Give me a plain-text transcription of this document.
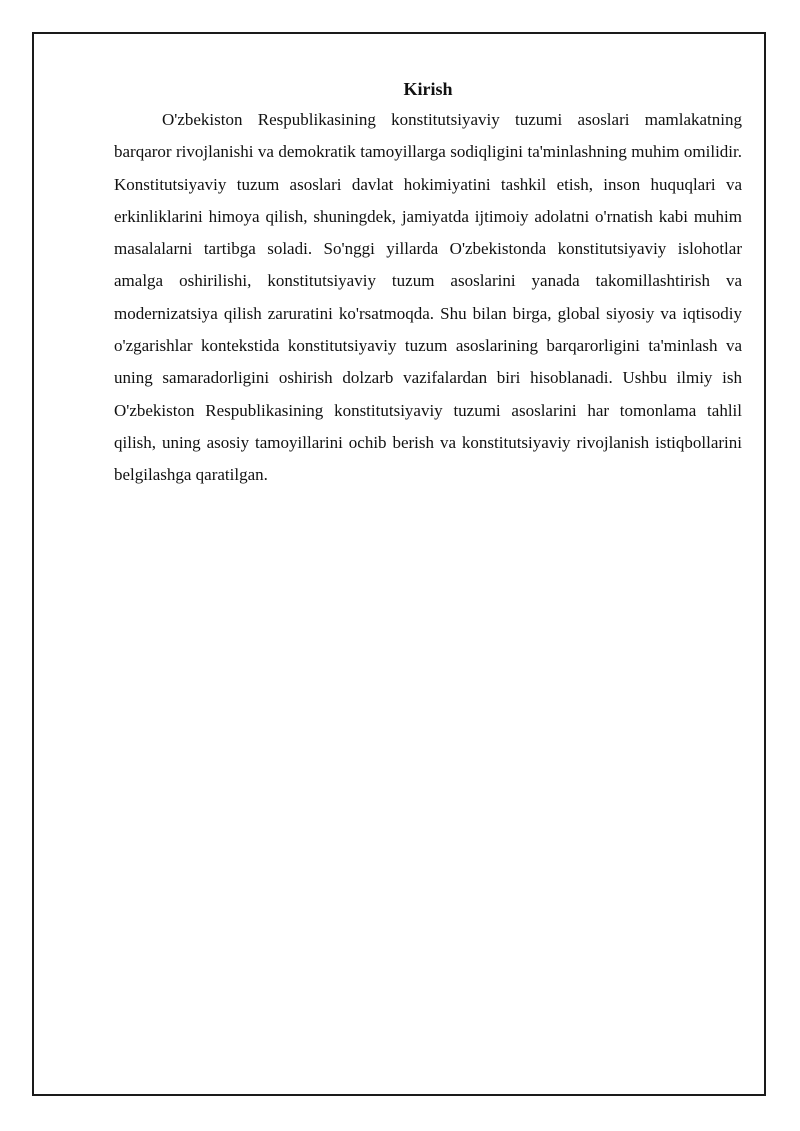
Kirish

O'zbekiston Respublikasining konstitutsiyaviy tuzumi asoslari mamlakatning barqaror rivojlanishi va demokratik tamoyillarga sodiqligini ta'minlashning muhim omilidir. Konstitutsiyaviy tuzum asoslari davlat hokimiyatini tashkil etish, inson huquqlari va erkinliklarini himoya qilish, shuningdek, jamiyatda ijtimoiy adolatni o'rnatish kabi muhim masalalarni tartibga soladi. So'nggi yillarda O'zbekistonda konstitutsiyaviy islohotlar amalga oshirilishi, konstitutsiyaviy tuzum asoslarini yanada takomillashtirish va modernizatsiya qilish zaruratini ko'rsatmoqda. Shu bilan birga, global siyosiy va iqtisodiy o'zgarishlar kontekstida konstitutsiyaviy tuzum asoslarining barqarorligini ta'minlash va uning samaradorligini oshirish dolzarb vazifalardan biri hisoblanadi. Ushbu ilmiy ish O'zbekiston Respublikasining konstitutsiyaviy tuzumi asoslarini har tomonlama tahlil qilish, uning asosiy tamoyillarini ochib berish va konstitutsiyaviy rivojlanish istiqbollarini belgilashga qaratilgan.
